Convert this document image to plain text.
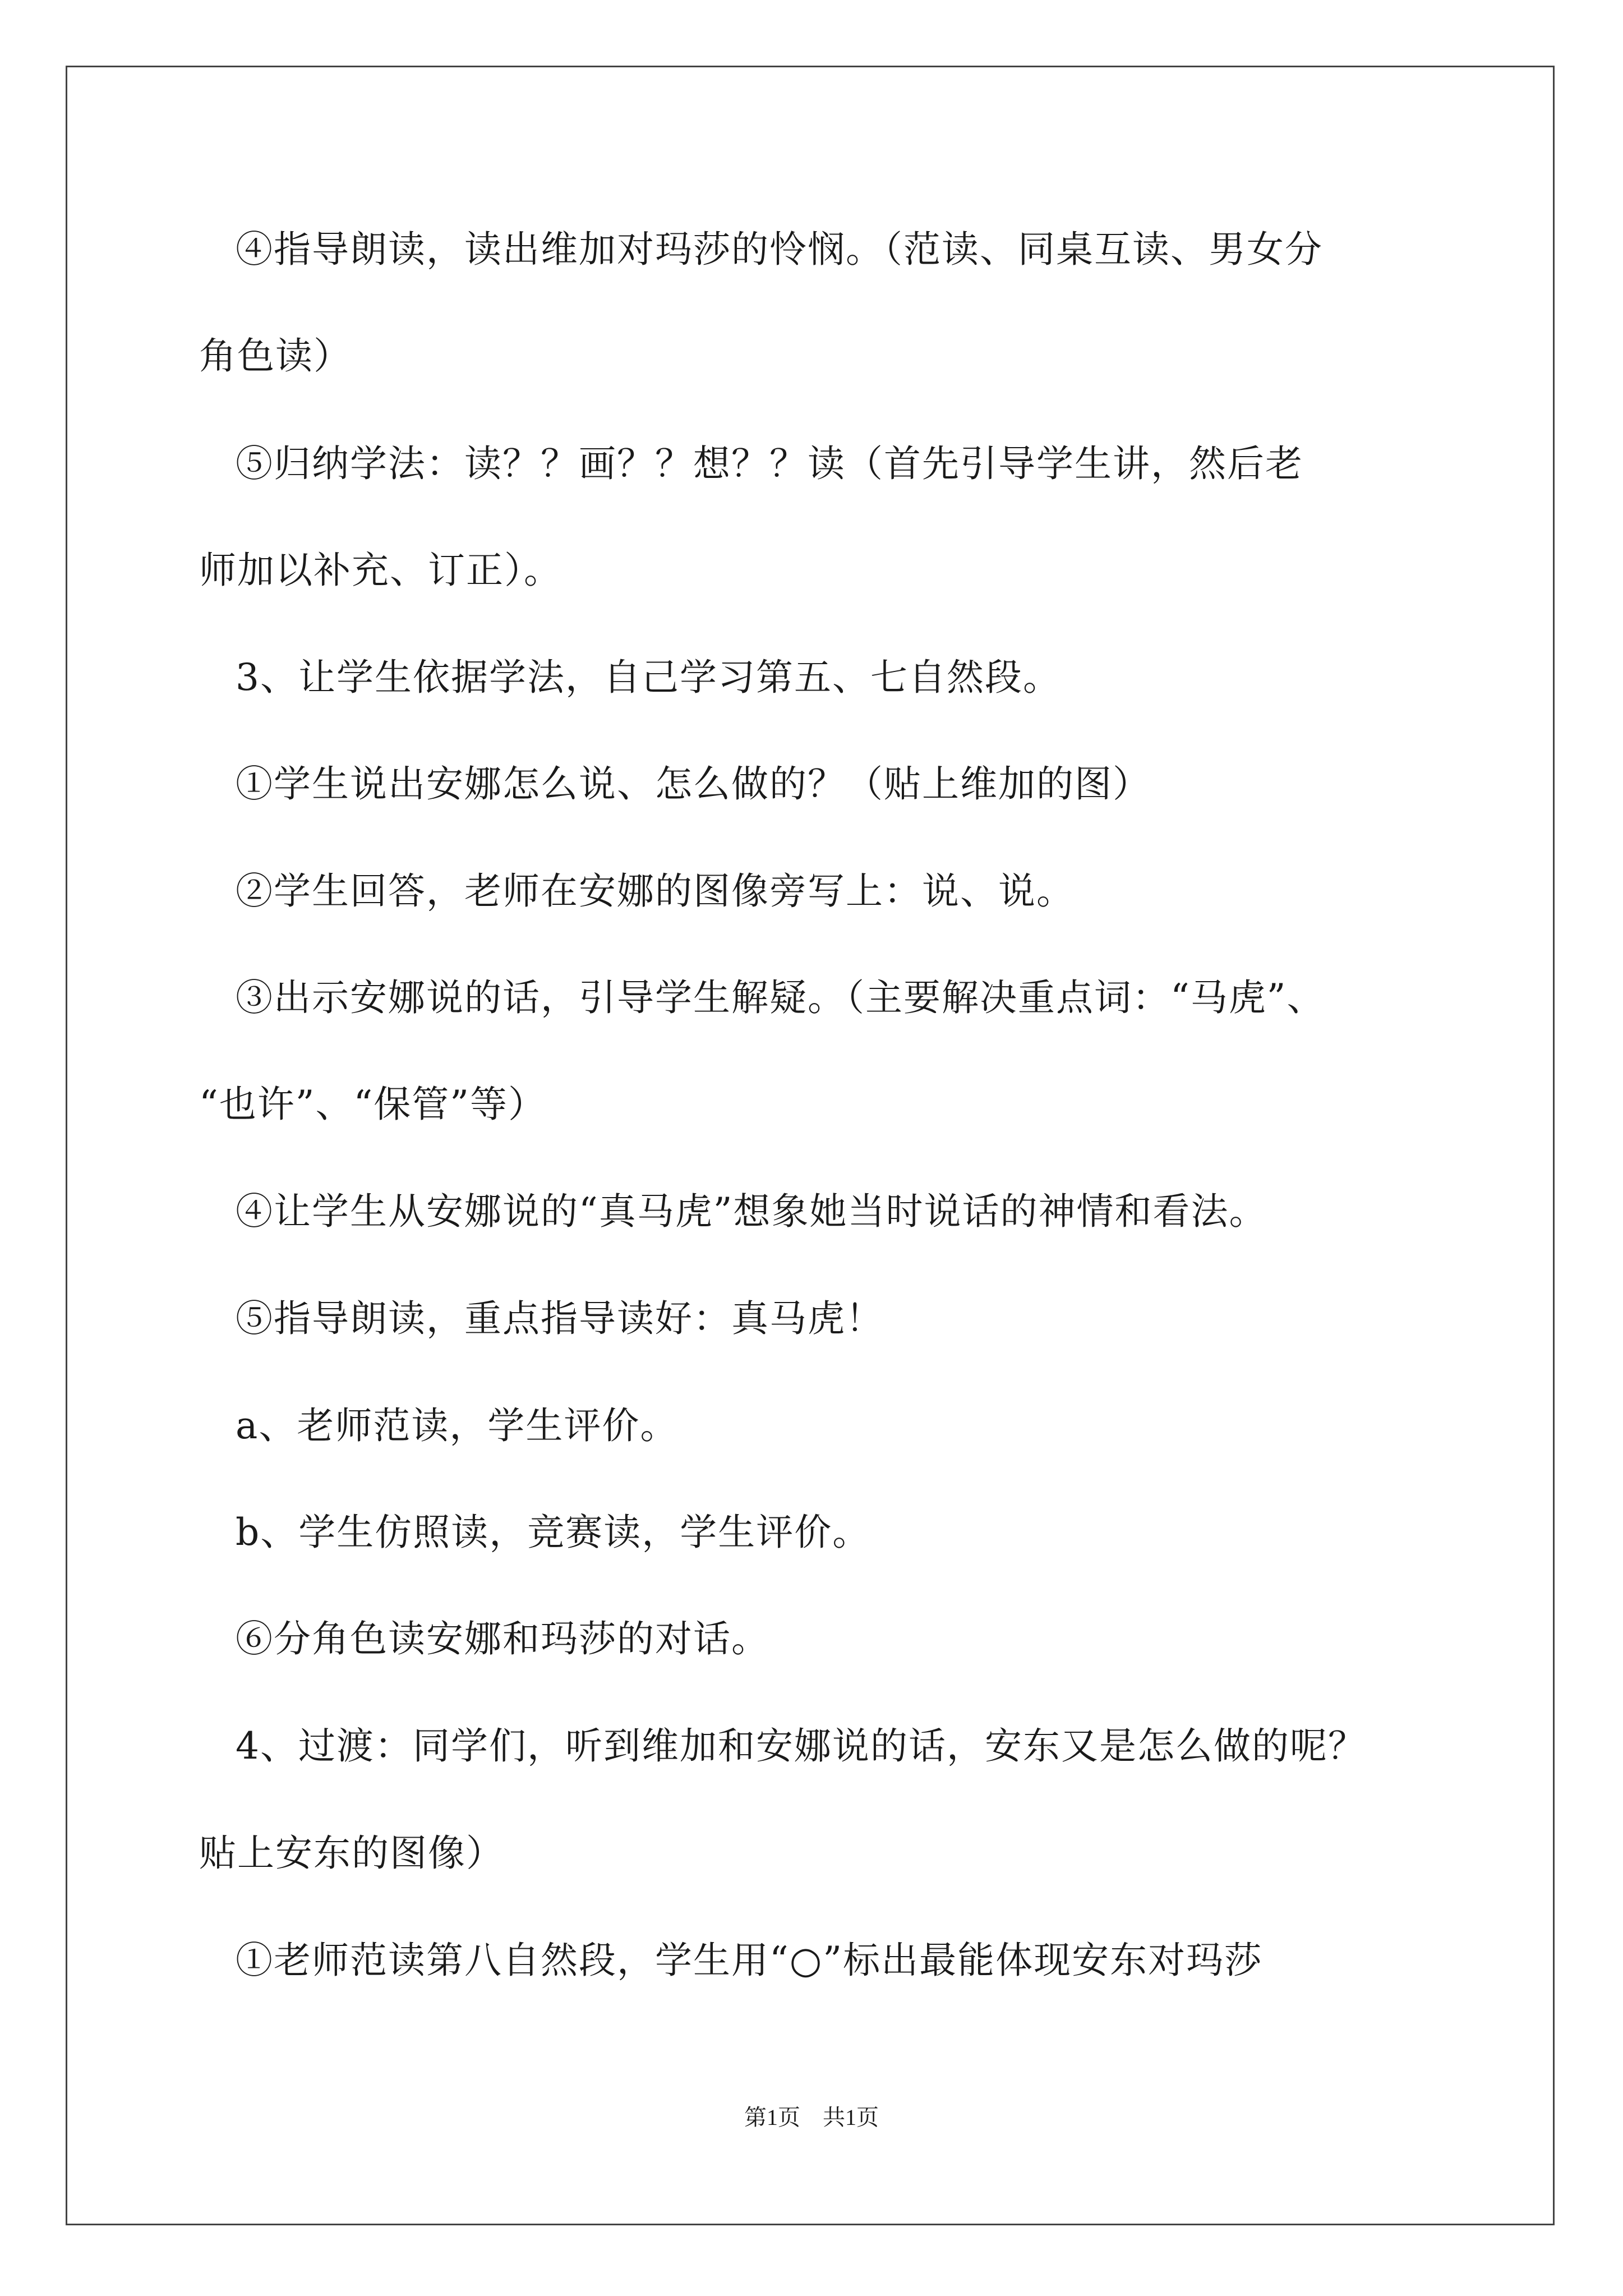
④指导朗读，读出维加对玛莎的怜悯。（范读、同桌互读、男女分
角色读）
⑤归纳学法：读？？画？？想？？读（首先引导学生讲，然后老
师加以补充、订正）。
3、让学生依据学法，自己学习第五、七自然段。
①学生说出安娜怎么说、怎么做的？（贴上维加的图）
②学生回答，老师在安娜的图像旁写上：说、说。
③出示安娜说的话，引导学生解疑。（主要解决重点词：“马虎”、
“也许”、“保管”等）
④让学生从安娜说的“真马虎”想象她当时说话的神情和看法。
⑤指导朗读，重点指导读好：真马虎！
a、老师范读，学生评价。
b、学生仿照读，竞赛读，学生评价。
⑥分角色读安娜和玛莎的对话。
4、过渡：同学们，听到维加和安娜说的话，安东又是怎么做的呢？
贴上安东的图像）
①老师范读第八自然段，学生用“○”标出最能体现安东对玛莎
第1页　共1页
